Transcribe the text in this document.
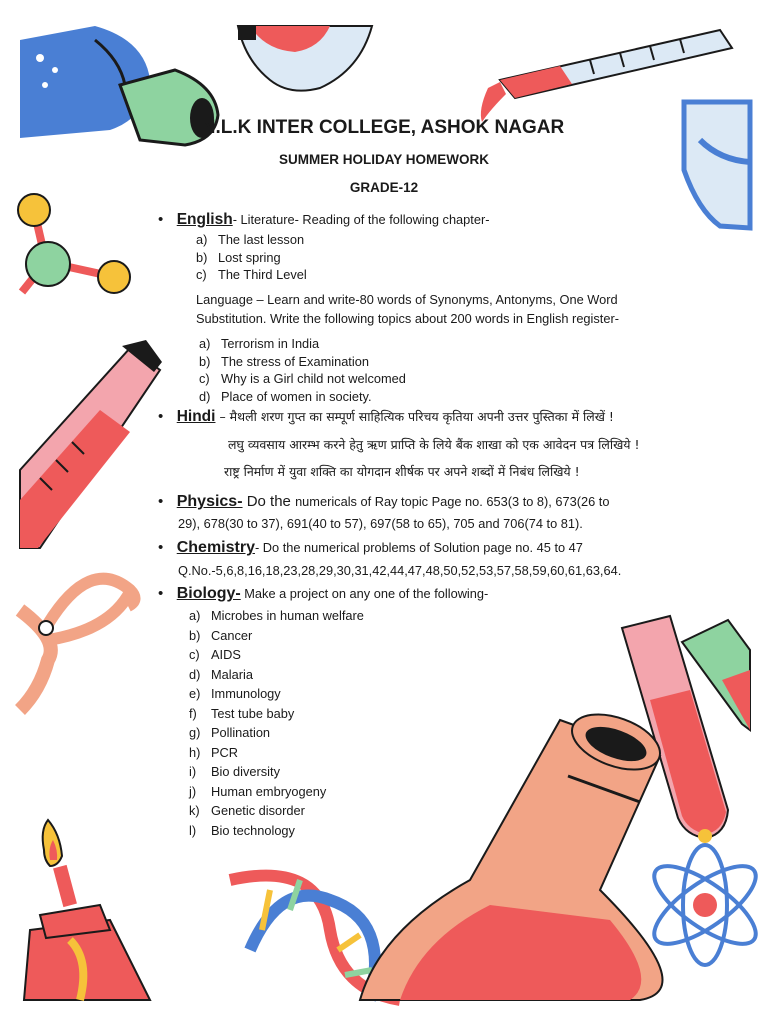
N.L.K INTER COLLEGE, ASHOK NAGAR
SUMMER HOLIDAY HOMEWORK
GRADE-12
• English- Literature- Reading of the following chapter-
a) The last lesson
b) Lost spring
c) The Third Level
Language – Learn and write-80 words of Synonyms, Antonyms, One Word
Substitution. Write the following topics about 200 words in English register-
a) Terrorism in India
b) The stress of Examination
c) Why is a Girl child not welcomed
d) Place of women in society.
• Hindi – मैथली शरण गुप्त का सम्पूर्ण साहित्यिक परिचय कृतिया अपनी उत्तर पुस्तिका में लिखें !
लघु व्यवसाय आरम्भ करने हेतु ऋण प्राप्ति के लिये बैंक शाखा को एक आवेदन पत्र लिखिये !
राष्ट्र निर्माण में युवा शक्ति का योगदान शीर्षक पर अपने शब्दों में निबंध लिखिये !
• Physics- Do the numericals of Ray topic Page no. 653(3 to 8), 673(26 to
29), 678(30 to 37), 691(40 to 57), 697(58 to 65), 705 and 706(74 to 81).
• Chemistry- Do the numerical problems of Solution page no. 45 to 47
Q.No.-5,6,8,16,18,23,28,29,30,31,42,44,47,48,50,52,53,57,58,59,60,61,63,64.
• Biology- Make a project on any one of the following-
a) Microbes in human welfare
b) Cancer
c) AIDS
d) Malaria
e) Immunology
f)	Test tube baby
g) Pollination
h) PCR
i)	Bio diversity
j)	Human embryogeny
k) Genetic disorder
l)	Bio technology
